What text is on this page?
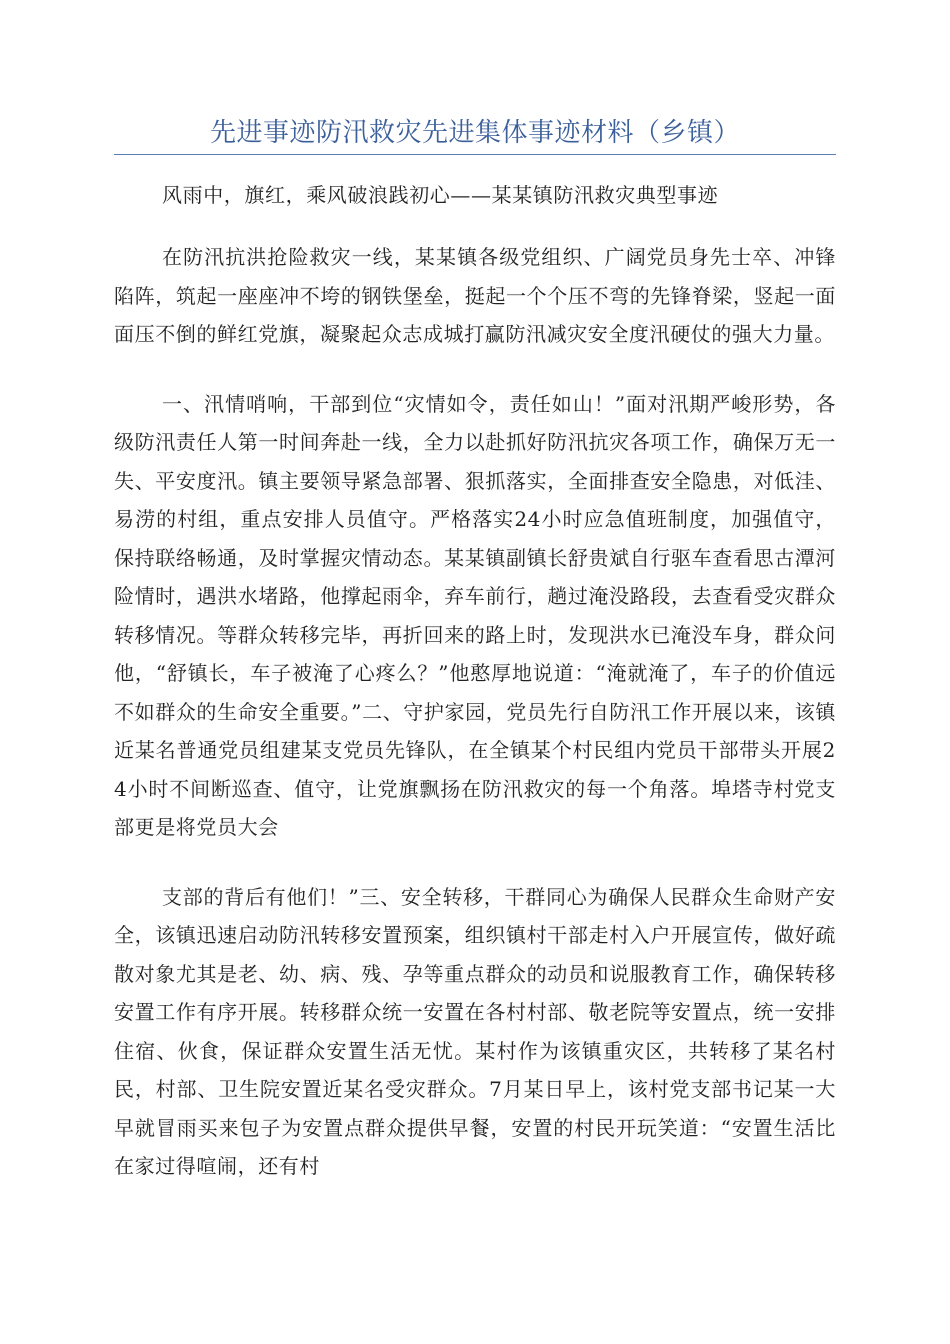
先进事迹防汛救灾先进集体事迹材料（乡镇）

风雨中，旗红，乘风破浪践初心——某某镇防汛救灾典型事迹

在防汛抗洪抢险救灾一线，某某镇各级党组织、广阔党员身先士卒、冲锋陷阵，筑起一座座冲不垮的钢铁堡垒，挺起一个个压不弯的先锋脊梁，竖起一面面压不倒的鲜红党旗，凝聚起众志成城打赢防汛减灾安全度汛硬仗的强大力量。

一、汛情哨响，干部到位“灾情如令，责任如山！”面对汛期严峻形势，各级防汛责任人第一时间奔赴一线，全力以赴抓好防汛抗灾各项工作，确保万无一失、平安度汛。镇主要领导紧急部署、狠抓落实，全面排查安全隐患，对低洼、易涝的村组，重点安排人员值守。严格落实24小时应急值班制度，加强值守，保持联络畅通，及时掌握灾情动态。某某镇副镇长舒贵斌自行驱车查看思古潭河险情时，遇洪水堵路，他撑起雨伞，弃车前行，趟过淹没路段，去查看受灾群众转移情况。等群众转移完毕，再折回来的路上时，发现洪水已淹没车身，群众问他，“舒镇长，车子被淹了心疼么？”他憨厚地说道：“淹就淹了，车子的价值远不如群众的生命安全重要。”二、守护家园，党员先行自防汛工作开展以来，该镇近某名普通党员组建某支党员先锋队，在全镇某个村民组内党员干部带头开展24小时不间断巡查、值守，让党旗飘扬在防汛救灾的每一个角落。埠塔寺村党支部更是将党员大会

支部的背后有他们！”三、安全转移，干群同心为确保人民群众生命财产安全，该镇迅速启动防汛转移安置预案，组织镇村干部走村入户开展宣传，做好疏散对象尤其是老、幼、病、残、孕等重点群众的动员和说服教育工作，确保转移安置工作有序开展。转移群众统一安置在各村村部、敬老院等安置点，统一安排住宿、伙食，保证群众安置生活无忧。某村作为该镇重灾区，共转移了某名村民，村部、卫生院安置近某名受灾群众。7月某日早上，该村党支部书记某一大早就冒雨买来包子为安置点群众提供早餐，安置的村民开玩笑道：“安置生活比在家过得喧闹，还有村
